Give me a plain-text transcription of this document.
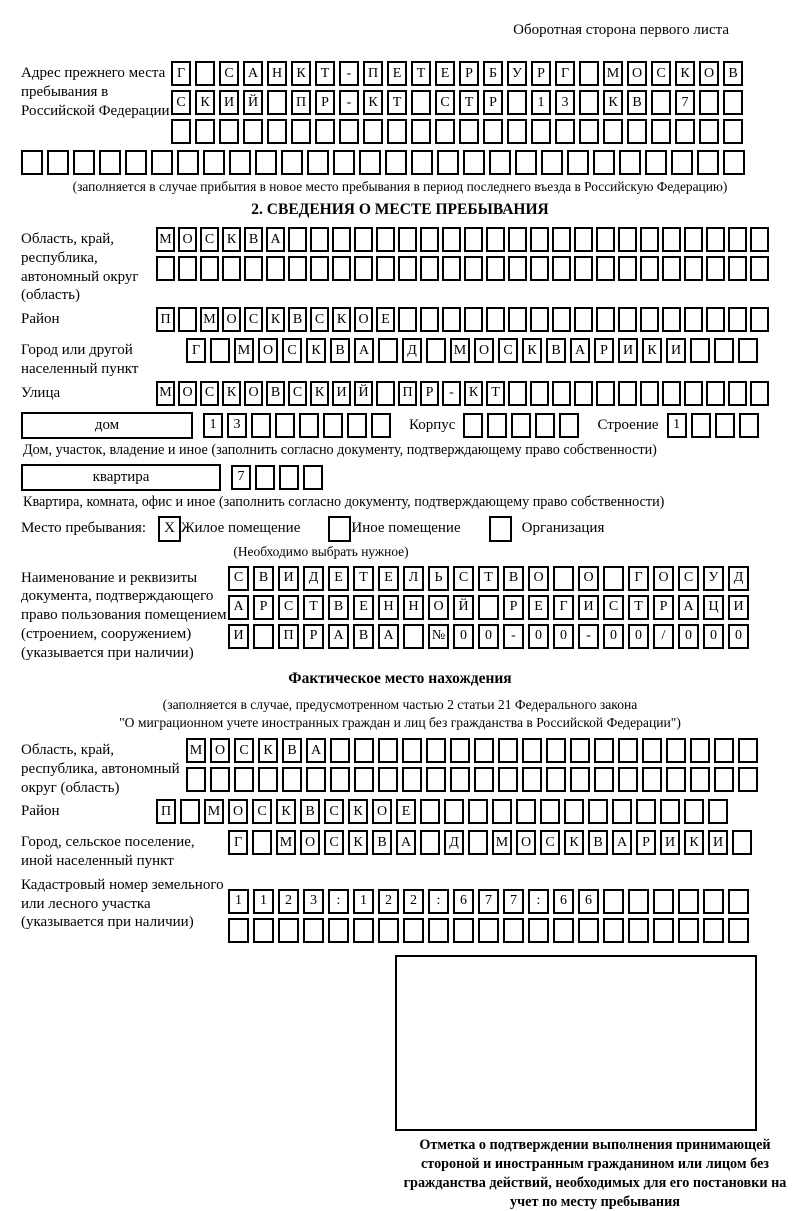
Оборотная сторона первого листа
Адрес прежнего места пребывания в Российской Федерации
Г	С	А Н	К	Т	-	П	Е	Т	Е	Р	Б	У	Р	Г	М О	С	К	О	В
С	К	И Й	П	Р	-	К	Т	С	Т	Р	1	3	К	В	7
(заполняется в случае прибытия в новое место пребывания в период последнего въезда в Российскую Федерацию)
2. СВЕДЕНИЯ О МЕСТЕ ПРЕБЫВАНИЯ
Область, край, республика, автономный округ (область)
М О С К В А
Район	П	М О С К В С К О Е
Город или другой населенный пункт
Г	М О	С	К	В	А	Д	М О	С	К	В	А	Р	И	К	И
Улица	М О С К О В С К И Й	П Р	-	К Т
дом	1	3	Корпус	Строение	1
Дом, участок, владение и иное (заполнить согласно документу, подтверждающему право собственности)
квартира	7
Квартира, комната, офис и иное (заполнить согласно документу, подтверждающему право собственности)
Место пребывания:	X Жилое помещение	Иное помещение	Организация
(Необходимо выбрать нужное)
Наименование и реквизиты документа, подтверждающего право пользования помещением (строением, сооружением) (указывается при наличии)
С	В	И	Д	Е	Т	Е	Л	Ь	С	Т	В	О	О	Г	О	С	У	Д
А	Р	С	Т	В	Е	Н	Н	О	Й	Р	Е	Г	И	С	Т	Р	А	Ц	И
И	П	Р	А	В	А	№	0	0	-	0	0	-	0	0	/	0	0	0
Фактическое место нахождения
(заполняется в случае, предусмотренном частью 2 статьи 21 Федерального закона
"О миграционном учете иностранных граждан и лиц без гражданства в Российской Федерации")
Область, край, республика, автономный округ (область)
М О	С	К	В	А
Район	П	М О	С	К	В	С	К	О	Е
Город, сельское поселение, иной населенный пункт
Г	М О	С	К	В	А	Д	М О	С	К	В	А	Р	И	К	И
Кадастровый номер земельного или лесного участка (указывается при наличии)
1	1	2	3	:	1	2	2	:	6	7	7	:	6	6
Отметка о подтверждении выполнения принимающей стороной и иностранным гражданином или лицом без гражданства действий, необходимых для его постановки на учет по месту пребывания
